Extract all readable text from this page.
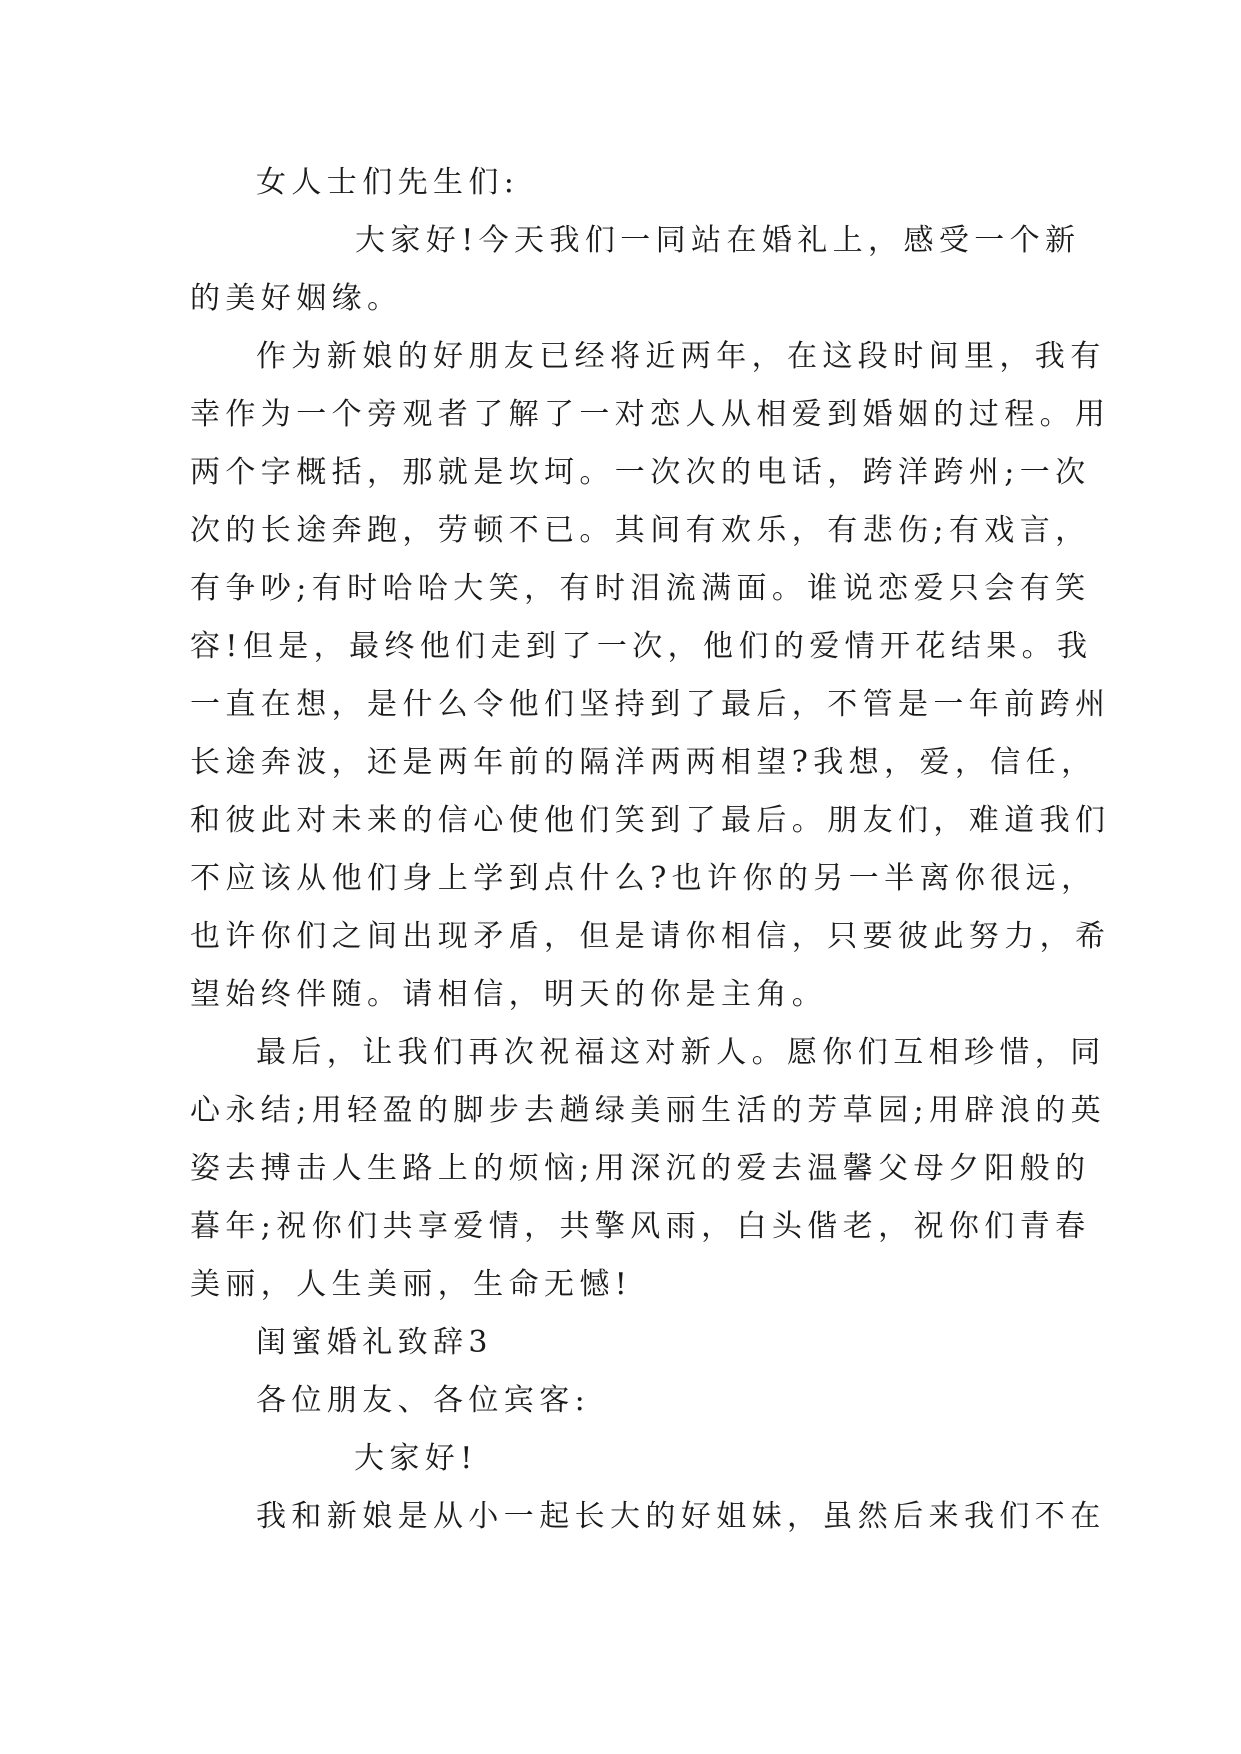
女人士们先生们:
大家好!今天我们一同站在婚礼上，感受一个新
的美好姻缘。
作为新娘的好朋友已经将近两年，在这段时间里，我有
幸作为一个旁观者了解了一对恋人从相爱到婚姻的过程。用
两个字概括，那就是坎坷。一次次的电话，跨洋跨州;一次
次的长途奔跑，劳顿不已。其间有欢乐，有悲伤;有戏言，
有争吵;有时哈哈大笑，有时泪流满面。谁说恋爱只会有笑
容!但是，最终他们走到了一次，他们的爱情开花结果。我
一直在想，是什么令他们坚持到了最后，不管是一年前跨州
长途奔波，还是两年前的隔洋两两相望?我想，爱，信任，
和彼此对未来的信心使他们笑到了最后。朋友们，难道我们
不应该从他们身上学到点什么?也许你的另一半离你很远，
也许你们之间出现矛盾，但是请你相信，只要彼此努力，希
望始终伴随。请相信，明天的你是主角。
最后，让我们再次祝福这对新人。愿你们互相珍惜，同
心永结;用轻盈的脚步去趟绿美丽生活的芳草园;用辟浪的英
姿去搏击人生路上的烦恼;用深沉的爱去温馨父母夕阳般的
暮年;祝你们共享爱情，共擎风雨，白头偕老，祝你们青春
美丽，人生美丽，生命无憾!
闺蜜婚礼致辞3
各位朋友、各位宾客:
大家好!
我和新娘是从小一起长大的好姐妹，虽然后来我们不在
